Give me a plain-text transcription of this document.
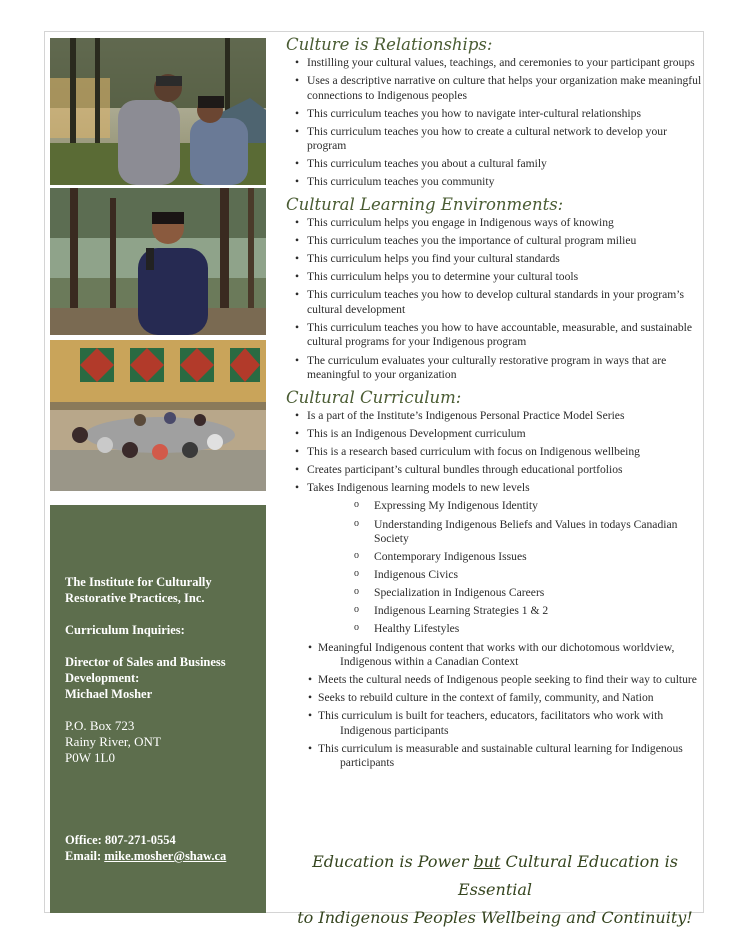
The Institute for Culturally
Restorative Practices, Inc.
Curriculum Inquiries:
Director of Sales and Business
Development:
Michael Mosher
P.O. Box 723
Rainy River, ONT
P0W 1L0
Office: 807-271-0554
Email: mike.mosher@shaw.ca
Culture is Relationships:
• Instilling your cultural values, teachings, and ceremonies to your participant groups
• Uses a descriptive narrative on culture that helps your organization make meaningful connections to Indigenous peoples
• This curriculum teaches you how to navigate inter-cultural relationships
• This curriculum teaches you how to create a cultural network to develop your program
• This curriculum teaches you about a cultural family
• This curriculum teaches you community
Cultural Learning Environments:
• This curriculum helps you engage in Indigenous ways of knowing
• This curriculum teaches you the importance of cultural program milieu
• This curriculum helps you find your cultural standards
• This curriculum helps you to determine your cultural tools
• This curriculum teaches you how to develop cultural standards in your program’s cultural development
• This curriculum teaches you how to have accountable, measurable, and sustainable cultural programs for your Indigenous program
• The curriculum evaluates your culturally restorative program in ways that are meaningful to your organization
Cultural Curriculum:
• Is a part of the Institute’s Indigenous Personal Practice Model Series
• This is an Indigenous Development curriculum
• This is a research based curriculum with focus on Indigenous wellbeing
• Creates participant’s cultural bundles through educational portfolios
• Takes Indigenous learning models to new levels
o Expressing My Indigenous Identity
o Understanding Indigenous Beliefs and Values in todays Canadian Society
o Contemporary Indigenous Issues
o Indigenous Civics
o Specialization in Indigenous Careers
o Indigenous Learning Strategies 1 & 2
o Healthy Lifestyles
• Meaningful Indigenous content that works with our dichotomous worldview, Indigenous within a Canadian Context
• Meets the cultural needs of Indigenous people seeking to find their way to culture
• Seeks to rebuild culture in the context of family, community, and Nation
• This curriculum is built for teachers, educators, facilitators who work with Indigenous participants
• This curriculum is measurable and sustainable cultural learning for Indigenous participants
Education is Power but Cultural Education is Essential
to Indigenous Peoples Wellbeing and Continuity!
